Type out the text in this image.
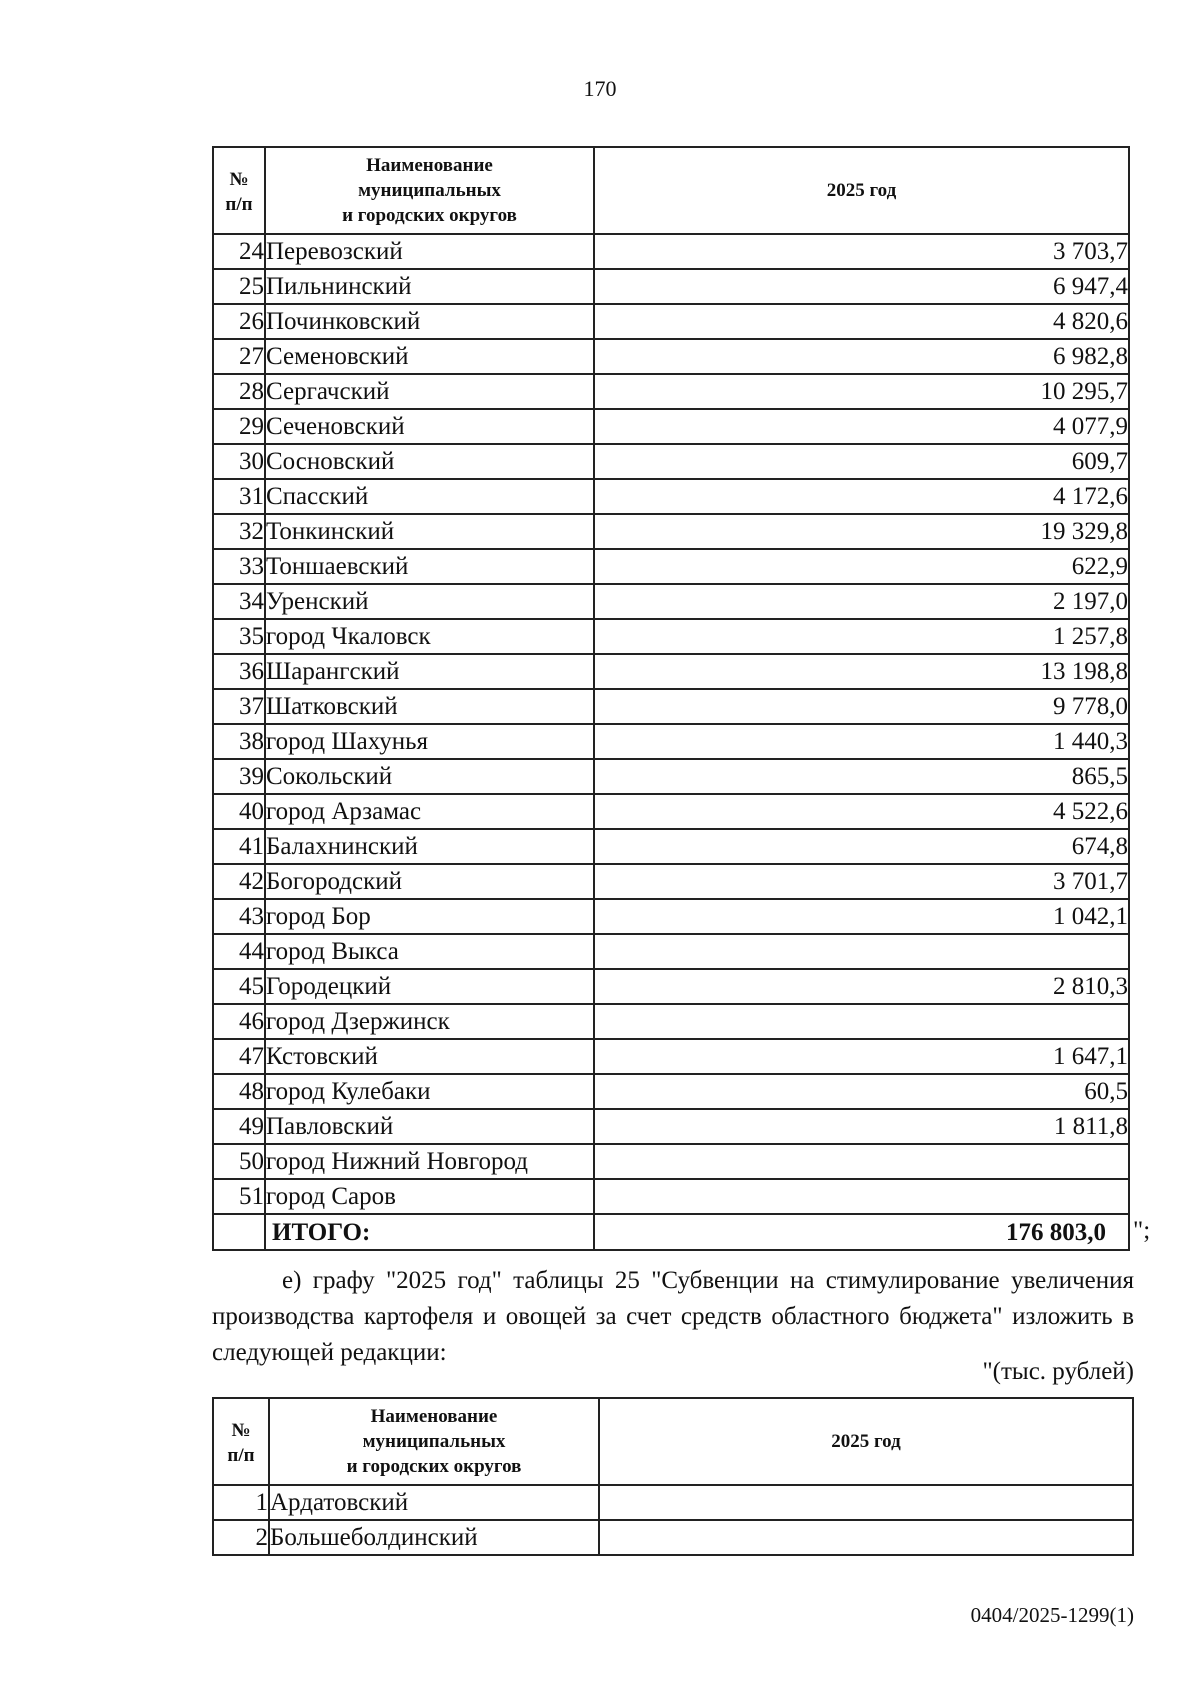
170
№ п/п	Наименование
муниципальных
и городских округов	2025 год
24	Перевозский	3 703,7
25	Пильнинский	6 947,4
26	Починковский	4 820,6
27	Семеновский	6 982,8
28	Сергачский	10 295,7
29	Сеченовский	4 077,9
30	Сосновский	609,7
31	Спасский	4 172,6
32	Тонкинский	19 329,8
33	Тоншаевский	622,9
34	Уренский	2 197,0
35	город Чкаловск	1 257,8
36	Шарангский	13 198,8
37	Шатковский	9 778,0
38	город Шахунья	1 440,3
39	Сокольский	865,5
40	город Арзамас	4 522,6
41	Балахнинский	674,8
42	Богородский	3 701,7
43	город Бор	1 042,1
44	город Выкса	
45	Городецкий	2 810,3
46	город Дзержинск	
47	Кстовский	1 647,1
48	город Кулебаки	60,5
49	Павловский	1 811,8
50	город Нижний Новгород	
51	город Саров	
	ИТОГО:	176 803,0 ";
е) графу "2025 год" таблицы 25 "Субвенции на стимулирование увеличения производства картофеля и овощей за счет средств областного бюджета" изложить в следующей редакции:
"(тыс. рублей)
№ п/п	Наименование
муниципальных
и городских округов	2025 год
1	Ардатовский	
2	Большеболдинский	
0404/2025-1299(1)
